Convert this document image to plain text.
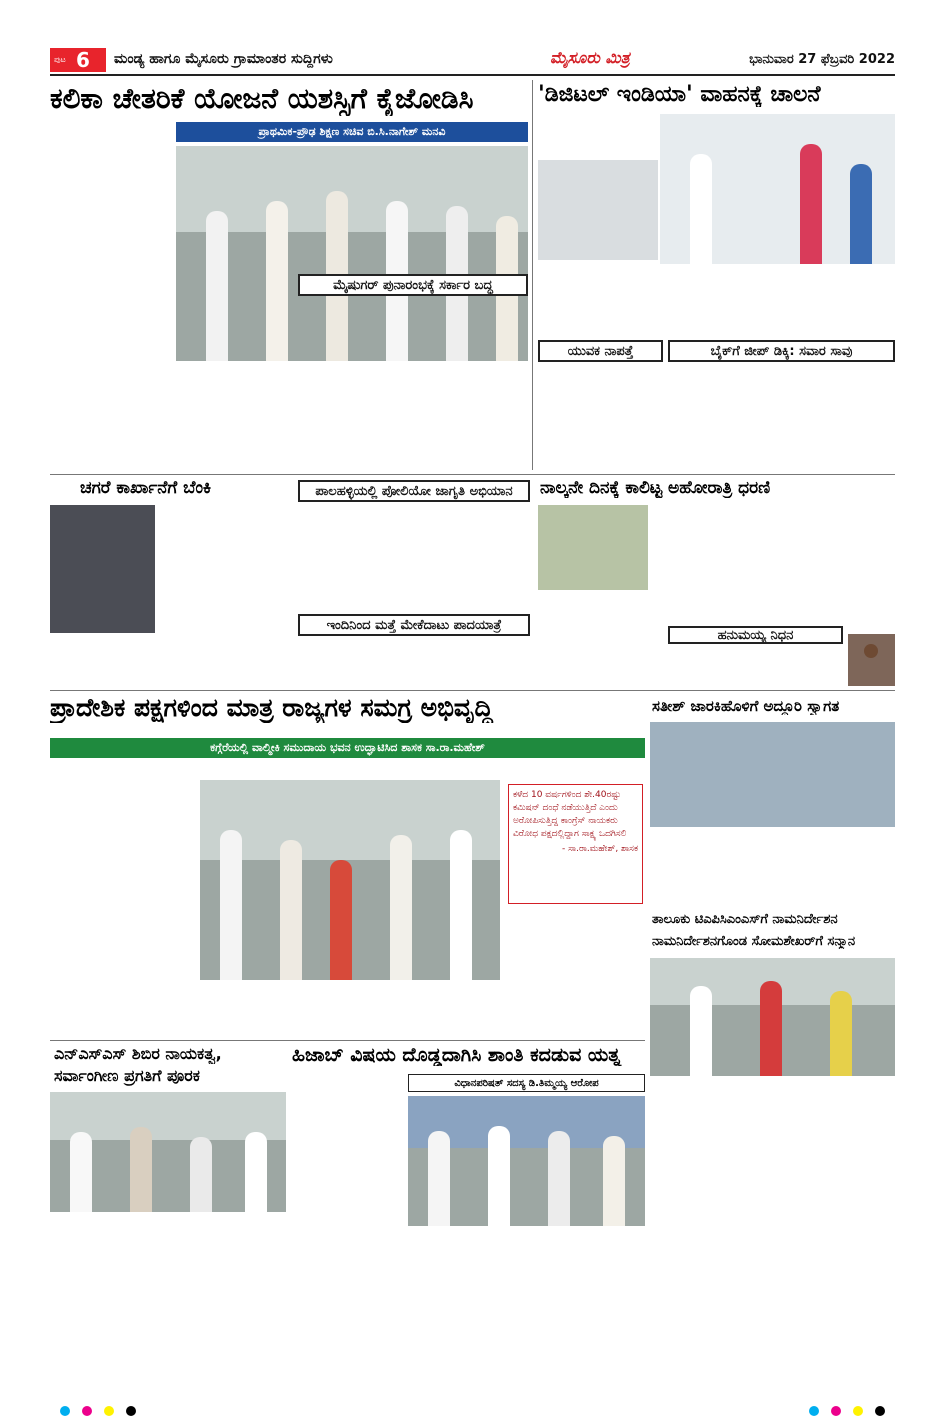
ಪುಟ 6 ಮಂಡ್ಯ ಹಾಗೂ ಮೈಸೂರು ಗ್ರಾಮಾಂತರ ಸುದ್ದಿಗಳು	ಮೈಸೂರು ಮಿತ್ರ	ಭಾನುವಾರ 27 ಫೆಬ್ರವರಿ 2022
ಕಲಿಕಾ ಚೇತರಿಕೆ ಯೋಜನೆ ಯಶಸ್ಸಿಗೆ ಕೈಜೋಡಿಸಿ
ಪ್ರಾಥಮಿಕ-ಪ್ರೌಢ ಶಿಕ್ಷಣ ಸಚಿವ ಬಿ.ಸಿ.ನಾಗೇಶ್ ಮನವಿ
'ಡಿಜಿಟಲ್ ಇಂಡಿಯಾ' ವಾಹನಕ್ಕೆ ಚಾಲನೆ
ಮೈಷುಗರ್ ಪುನಾರಂಭಕ್ಕೆ ಸರ್ಕಾರ ಬದ್ಧ
ಯುವಕ ನಾಪತ್ತೆ	ಬೈಕ್‌ಗೆ ಜೀಪ್ ಡಿಕ್ಕಿ: ಸವಾರ ಸಾವು
ಚಗರೆ ಕಾರ್ಖಾನೆಗೆ ಬೆಂಕಿ	ಪಾಲಹಳ್ಳಿಯಲ್ಲಿ ಪೋಲಿಯೋ ಜಾಗೃತಿ ಅಭಿಯಾನ
ಇಂದಿನಿಂದ ಮತ್ತೆ ಮೇಕೆದಾಟು ಪಾದಯಾತ್ರೆ
ನಾಲ್ಕನೇ ದಿನಕ್ಕೆ ಕಾಲಿಟ್ಟ ಅಹೋರಾತ್ರಿ ಧರಣಿ
ಹನುಮಯ್ಯ ನಿಧನ
ಪ್ರಾದೇಶಿಕ ಪಕ್ಷಗಳಿಂದ ಮಾತ್ರ ರಾಜ್ಯಗಳ ಸಮಗ್ರ ಅಭಿವೃದ್ಧಿ
ಕಗ್ಗೆರೆಯಲ್ಲಿ ವಾಲ್ಮೀಕಿ ಸಮುದಾಯ ಭವನ ಉದ್ಘಾಟಿಸಿದ ಶಾಸಕ ಸಾ.ರಾ.ಮಹೇಶ್
ಕಳೆದ 10 ವರ್ಷಗಳಿಂದ ಶೇ.40ರಷ್ಟು ಕಮಿಷನ್ ದಂಧೆ ನಡೆಯುತ್ತಿದೆ ಎಂದು ಅರೋಪಿಸುತ್ತಿದ್ದ ಕಾಂಗ್ರೆಸ್ ನಾಯಕರು ವಿರೋಧ ಪಕ್ಷದಲ್ಲಿದ್ದಾಗ ಸಾಕ್ಷ್ಯ ಒದಗಿಸಲಿ
- ಸಾ.ರಾ.ಮಹೇಶ್, ಶಾಸಕ
ಸತೀಶ್ ಜಾರಕಿಹೊಳಿಗೆ ಅದ್ದೂರಿ ಸ್ವಾಗತ
ತಾಲೂಕು ಟಿಎಪಿಸಿಎಂಎಸ್‌ಗೆ ನಾಮನಿರ್ದೇಶನ
ನಾಮನಿರ್ದೇಶನಗೊಂಡ ಸೋಮಶೇಖರ್‌ಗೆ ಸನ್ಮಾನ
ಎನ್‌ಎಸ್‌ಎಸ್ ಶಿಬಿರ ನಾಯಕತ್ವ,
ಸರ್ವಾಂಗೀಣ ಪ್ರಗತಿಗೆ ಪೂರಕ
ಹಿಜಾಬ್ ವಿಷಯ ದೊಡ್ಡದಾಗಿಸಿ ಶಾಂತಿ ಕದಡುವ ಯತ್ನ
ವಿಧಾನಪರಿಷತ್ ಸದಸ್ಯ ಡಿ.ತಿಮ್ಮಯ್ಯ ಆರೋಪ
